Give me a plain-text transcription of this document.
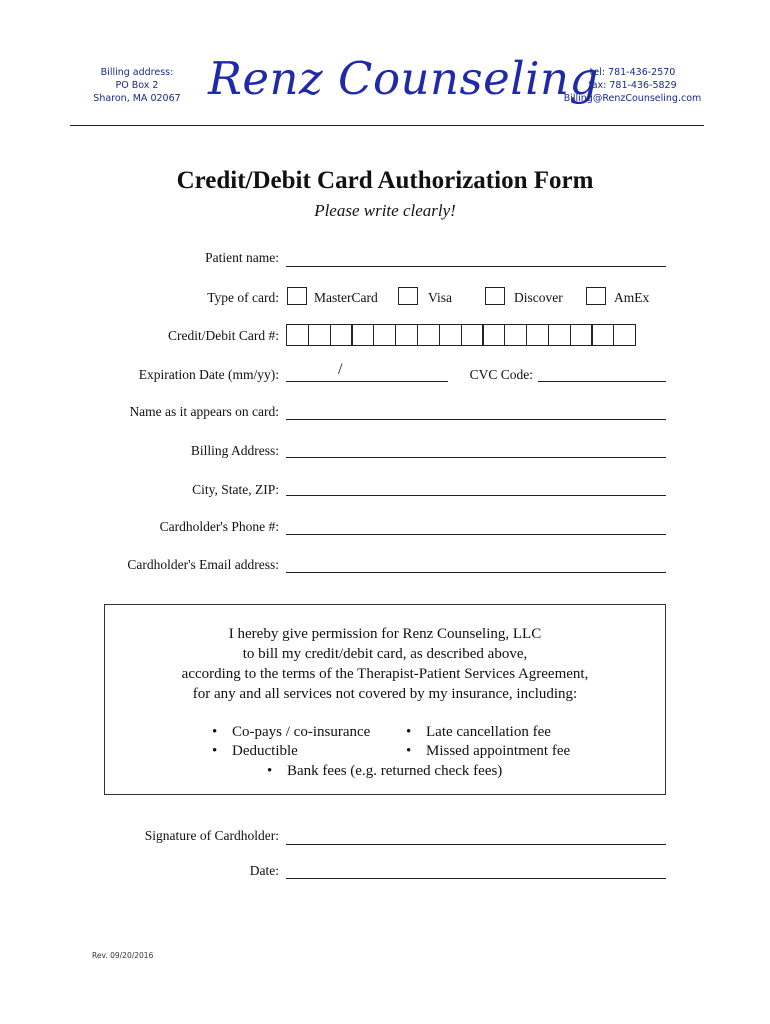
Billing address:
PO Box 2
Sharon, MA 02067 Renz Counseling
tel: 781-436-2570
fax: 781-436-5829
Billing@RenzCounseling.com
Credit/Debit Card Authorization Form
Please write clearly!
Patient name:
Type of card:	MasterCard	Visa	Discover	AmEx
Credit/Debit Card #:
Expiration Date (mm/yy):	/	CVC Code:
Name as it appears on card:
Billing Address:
City, State, ZIP:
Cardholder's Phone #:
Cardholder's Email address:
I hereby give permission for Renz Counseling, LLC
to bill my credit/debit card, as described above,
according to the terms of the Therapist-Patient Services Agreement,
for any and all services not covered by my insurance, including:
• Co-pays / co-insurance • Late cancellation fee
• Deductible	• Missed appointment fee
• Bank fees (e.g. returned check fees)
Signature of Cardholder:
Date:
Rev. 09/20/2016
